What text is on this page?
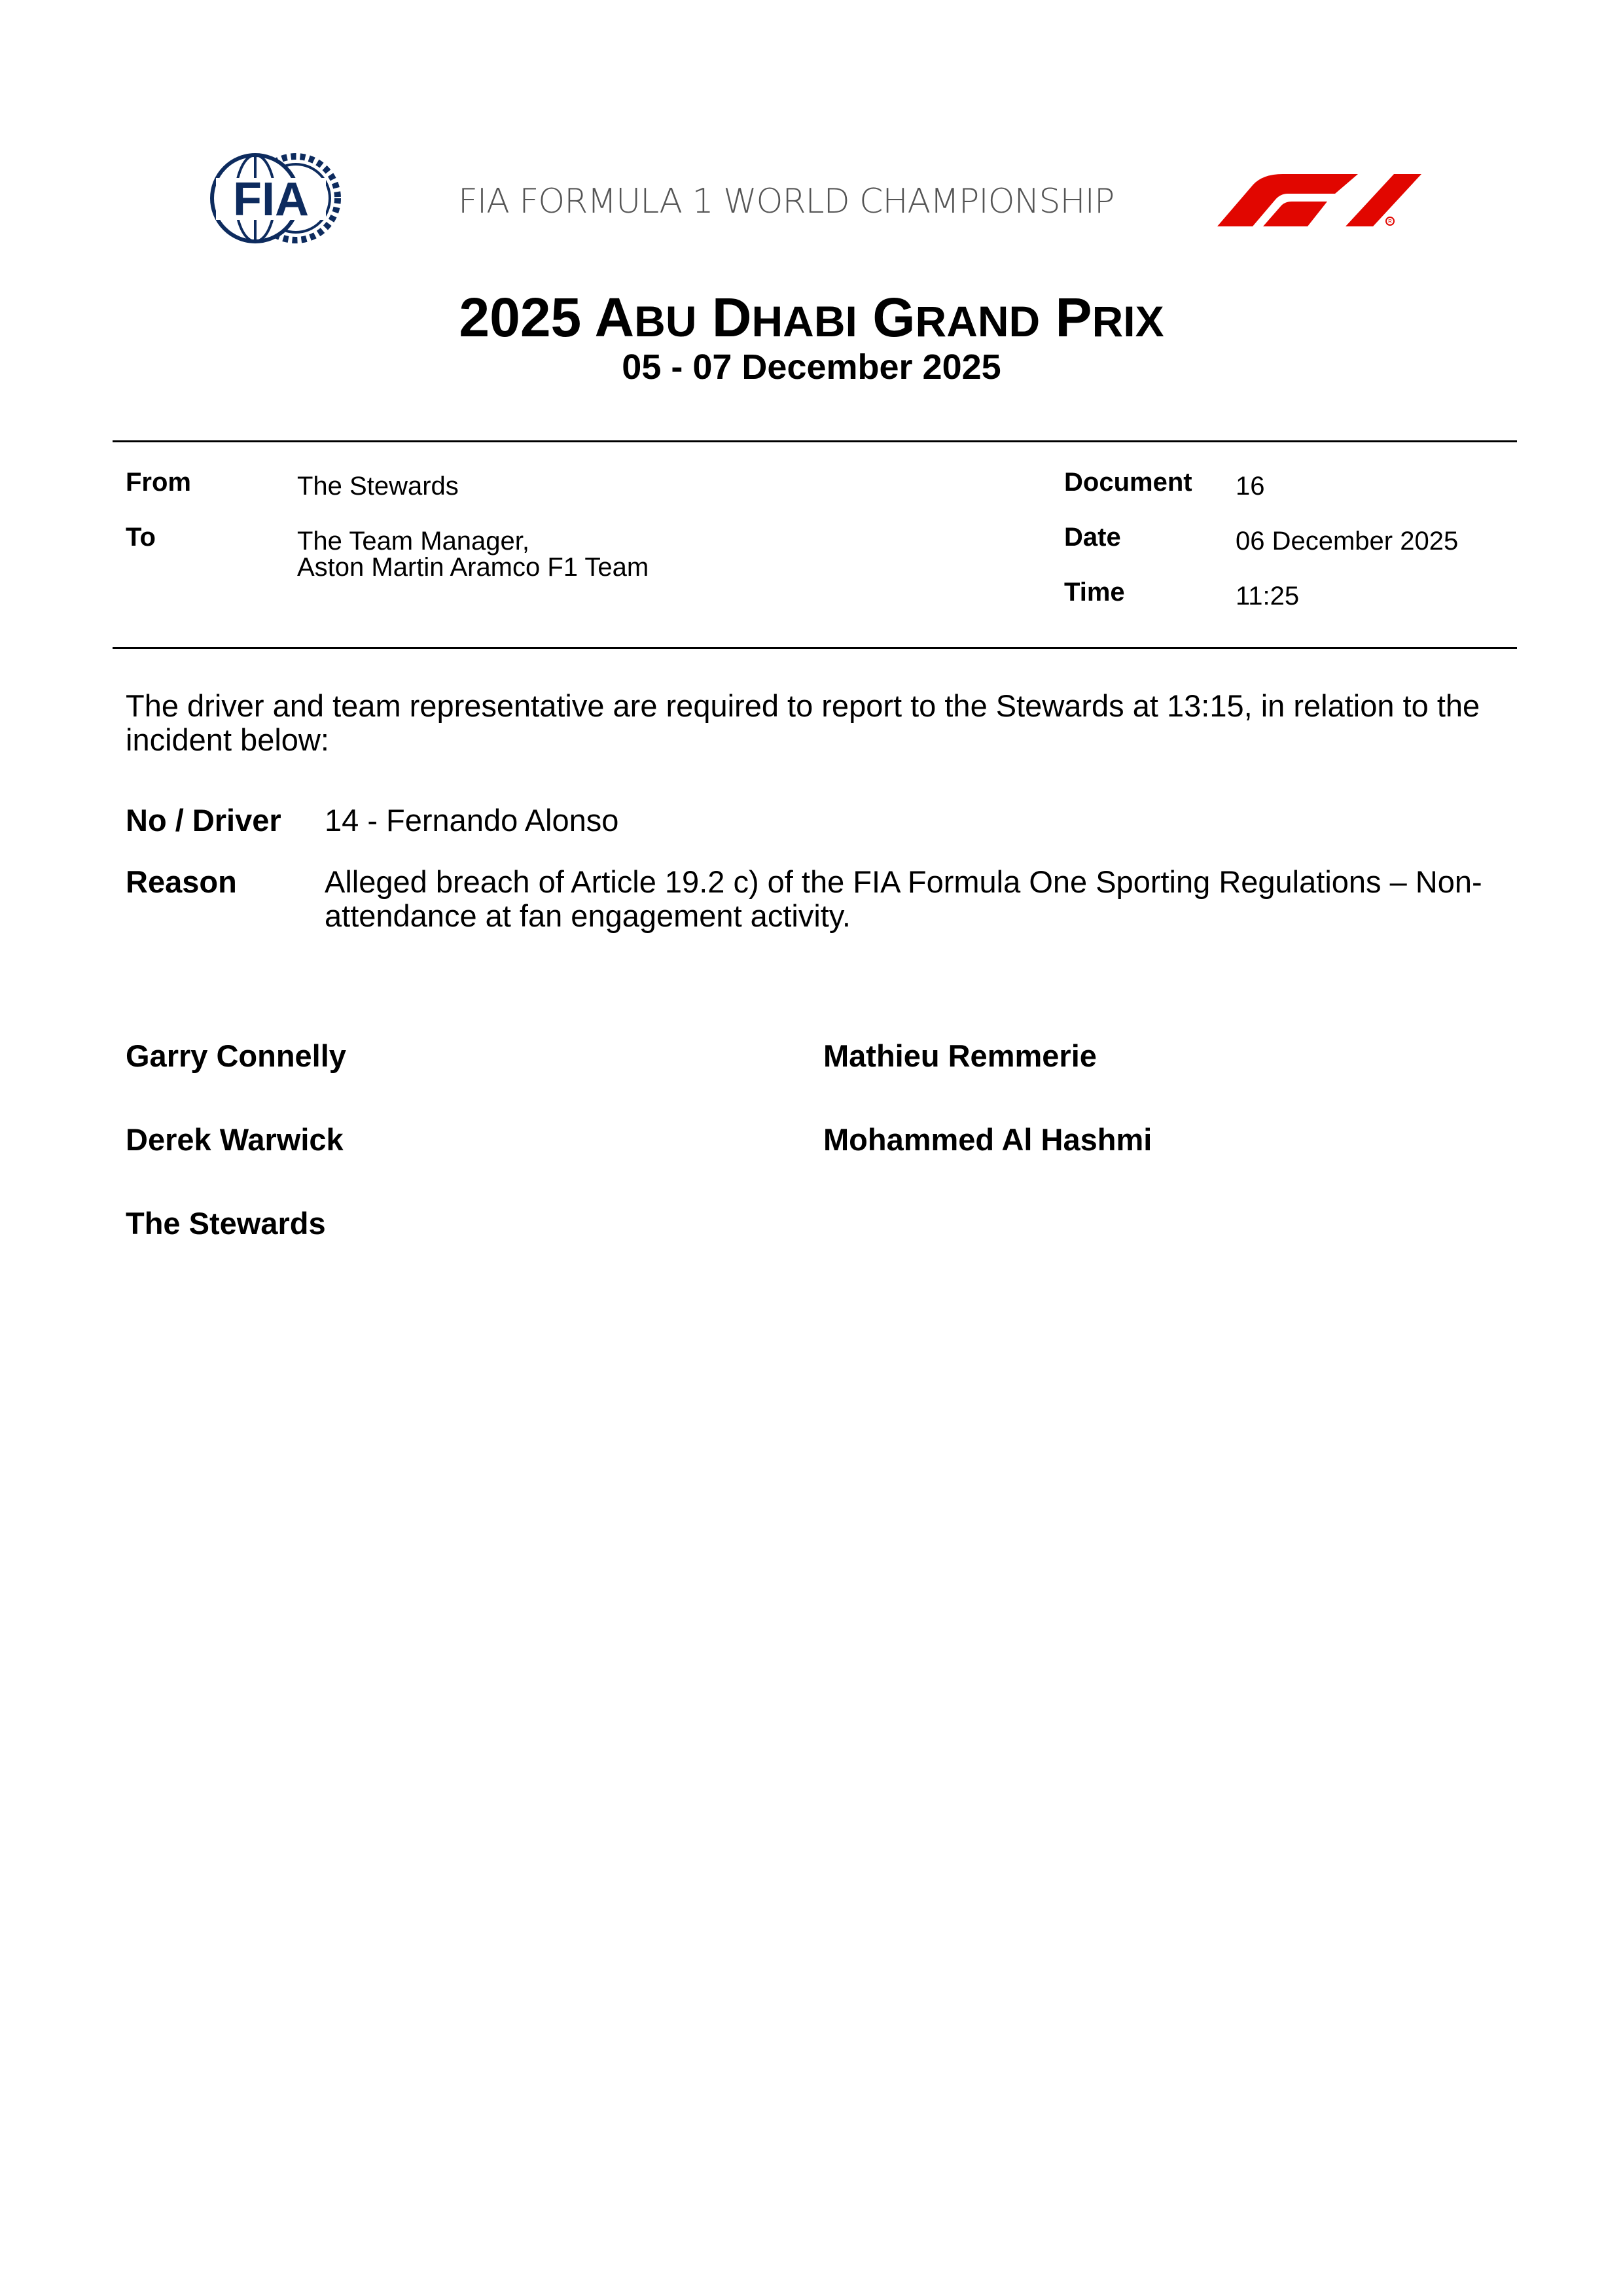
FIA	FIA FORMULA 1 WORLD CHAMPIONSHIP
R
2025 ABU DHABI GRAND PRIX
05 - 07 December 2025
From	The Stewards
To	The Team Manager,
Aston Martin Aramco F1 Team
Document 16
Date	06 December 2025
Time	11:25
The driver and team representative are required to report to the Stewards at 13:15, in relation to the incident below:
No / Driver 14 - Fernando Alonso
Reason	Alleged breach of Article 19.2 c) of the FIA Formula One Sporting Regulations – Non-attendance at fan engagement activity.
Garry Connelly	Mathieu Remmerie
Derek Warwick	Mohammed Al Hashmi
The Stewards
